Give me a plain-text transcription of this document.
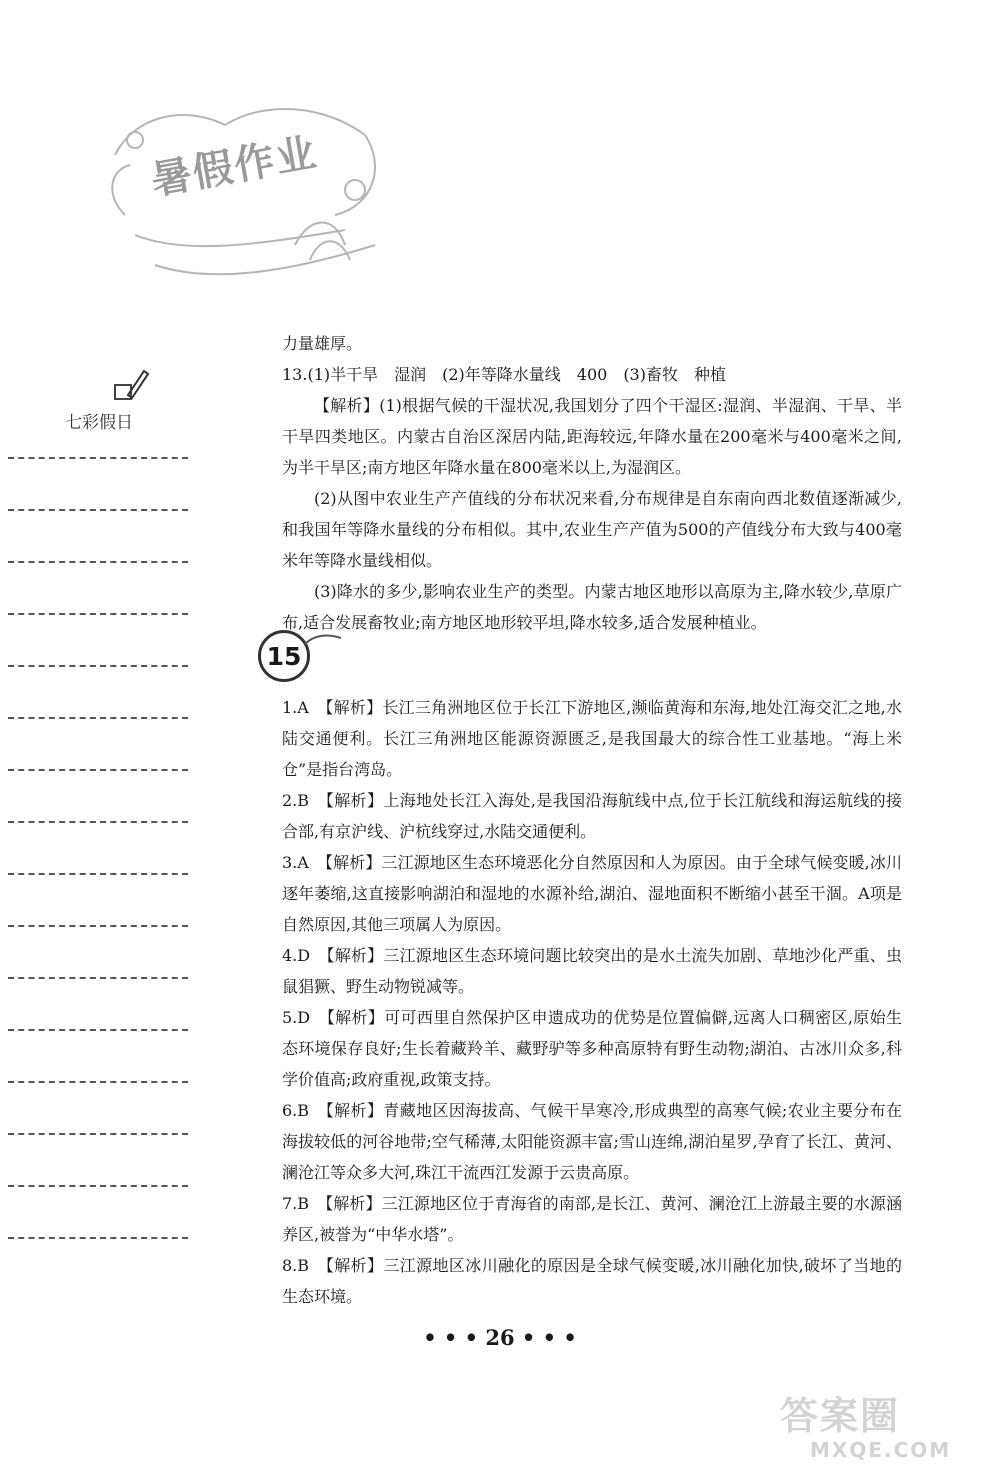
暑假作业
七彩假日

力量雄厚。

13.(1)半干旱　湿润　(2)年等降水量线　400　(3)畜牧　种植

【解析】(1)根据气候的干湿状况,我国划分了四个干湿区:湿润、半湿润、干旱、半干旱四类地区。内蒙古自治区深居内陆,距海较远,年降水量在200毫米与400毫米之间,为半干旱区;南方地区年降水量在800毫米以上,为湿润区。

(2)从图中农业生产产值线的分布状况来看,分布规律是自东南向西北数值逐渐减少,和我国年等降水量线的分布相似。其中,农业生产产值为500的产值线分布大致与400毫米年等降水量线相似。

(3)降水的多少,影响农业生产的类型。内蒙古地区地形以高原为主,降水较少,草原广布,适合发展畜牧业;南方地区地形较平坦,降水较多,适合发展种植业。

15

1.A　【解析】长江三角洲地区位于长江下游地区,濒临黄海和东海,地处江海交汇之地,水陆交通便利。长江三角洲地区能源资源匮乏,是我国最大的综合性工业基地。“海上米仓”是指台湾岛。

2.B　【解析】上海地处长江入海处,是我国沿海航线中点,位于长江航线和海运航线的接合部,有京沪线、沪杭线穿过,水陆交通便利。

3.A　【解析】三江源地区生态环境恶化分自然原因和人为原因。由于全球气候变暖,冰川逐年萎缩,这直接影响湖泊和湿地的水源补给,湖泊、湿地面积不断缩小甚至干涸。A项是自然原因,其他三项属人为原因。

4.D　【解析】三江源地区生态环境问题比较突出的是水土流失加剧、草地沙化严重、虫鼠猖獗、野生动物锐减等。

5.D　【解析】可可西里自然保护区申遗成功的优势是位置偏僻,远离人口稠密区,原始生态环境保存良好;生长着藏羚羊、藏野驴等多种高原特有野生动物;湖泊、古冰川众多,科学价值高;政府重视,政策支持。

6.B　【解析】青藏地区因海拔高、气候干旱寒冷,形成典型的高寒气候;农业主要分布在海拔较低的河谷地带;空气稀薄,太阳能资源丰富;雪山连绵,湖泊星罗,孕育了长江、黄河、澜沧江等众多大河,珠江干流西江发源于云贵高原。

7.B　【解析】三江源地区位于青海省的南部,是长江、黄河、澜沧江上游最主要的水源涵养区,被誉为“中华水塔”。

8.B　【解析】三江源地区冰川融化的原因是全球气候变暖,冰川融化加快,破坏了当地的生态环境。

• • • 26 • • •
答案圈
MXQE.COM
